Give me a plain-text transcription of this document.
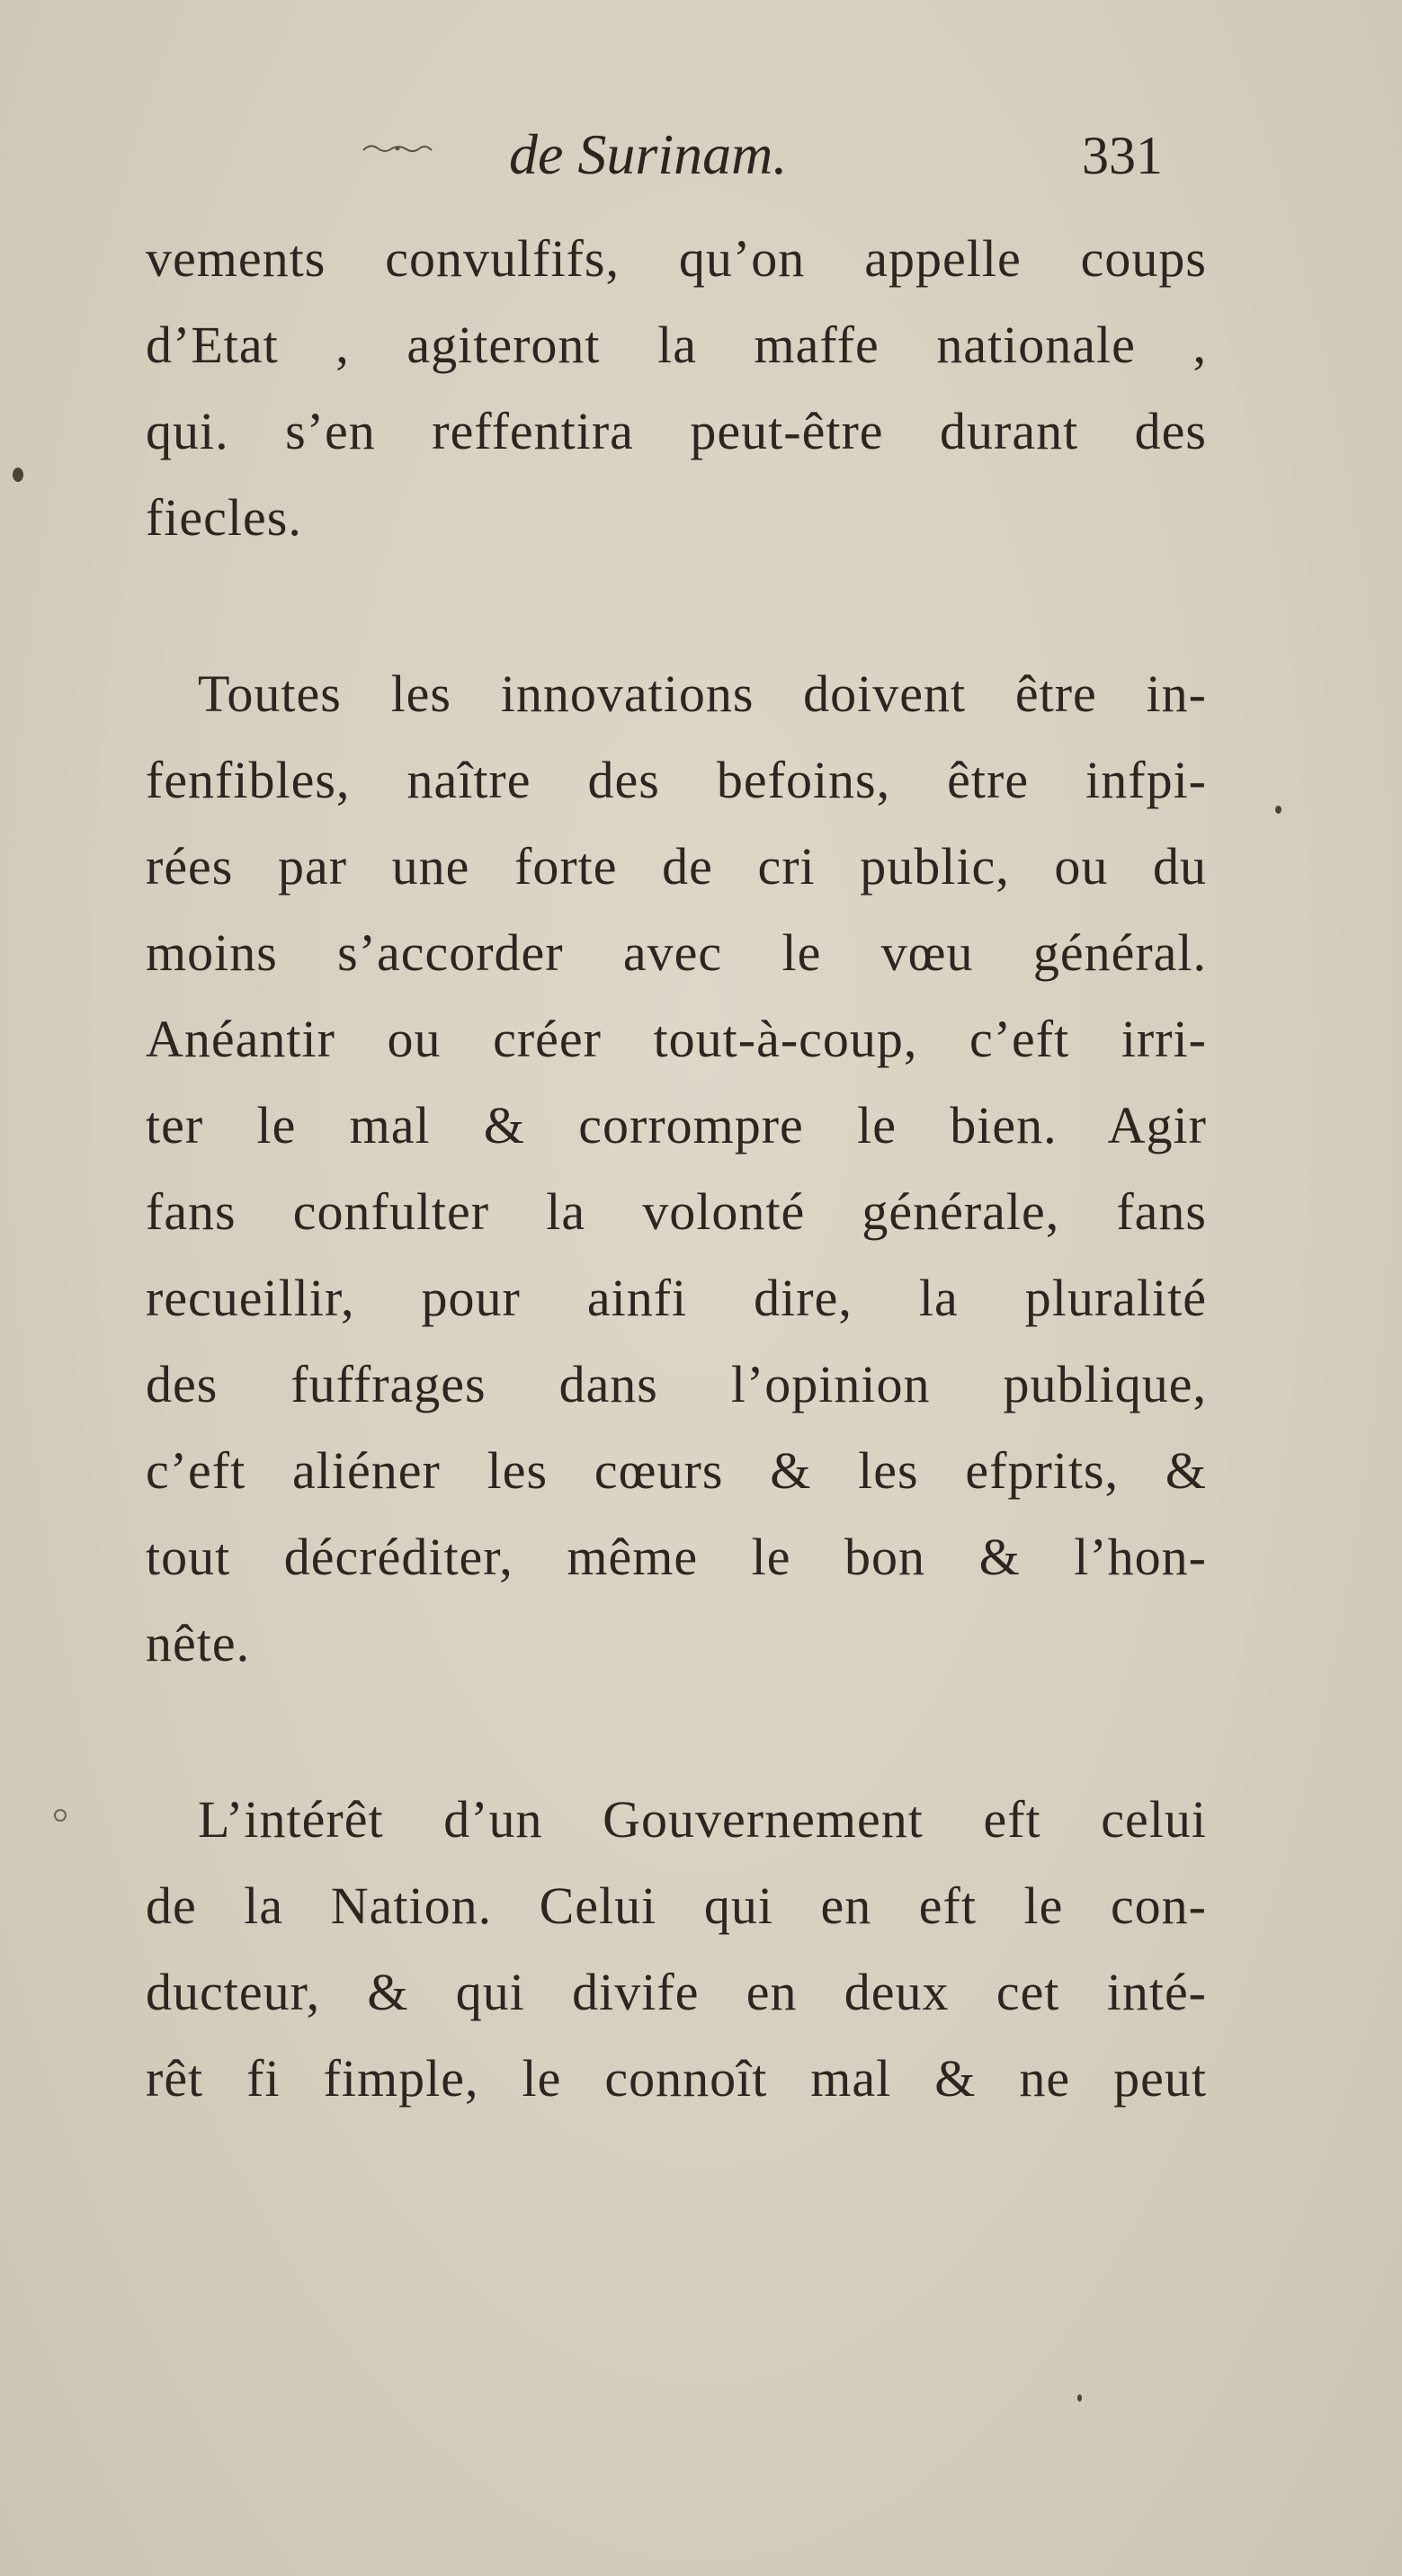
de Surinam.	331
vements convulfifs, qu’on appelle coups
d’Etat , agiteront la maffe nationale ,
qui. s’en reffentira peut-être durant des
fiecles.
Toutes les innovations doivent être in-
fenfibles, naître des befoins, être infpi-
rées par une forte de cri public, ou du
moins s’accorder avec le vœu général.
Anéantir ou créer tout-à-coup, c’eft irri-
ter le mal & corrompre le bien. Agir
fans confulter la volonté générale, fans
recueillir, pour ainfi dire, la pluralité
des fuffrages dans l’opinion publique,
c’eft aliéner les cœurs & les efprits, &
tout décréditer, même le bon & l’hon-
nête.
L’intérêt d’un Gouvernement eft celui
de la Nation. Celui qui en eft le con-
ducteur, & qui divife en deux cet inté-
rêt fi fimple, le connoît mal & ne peut
